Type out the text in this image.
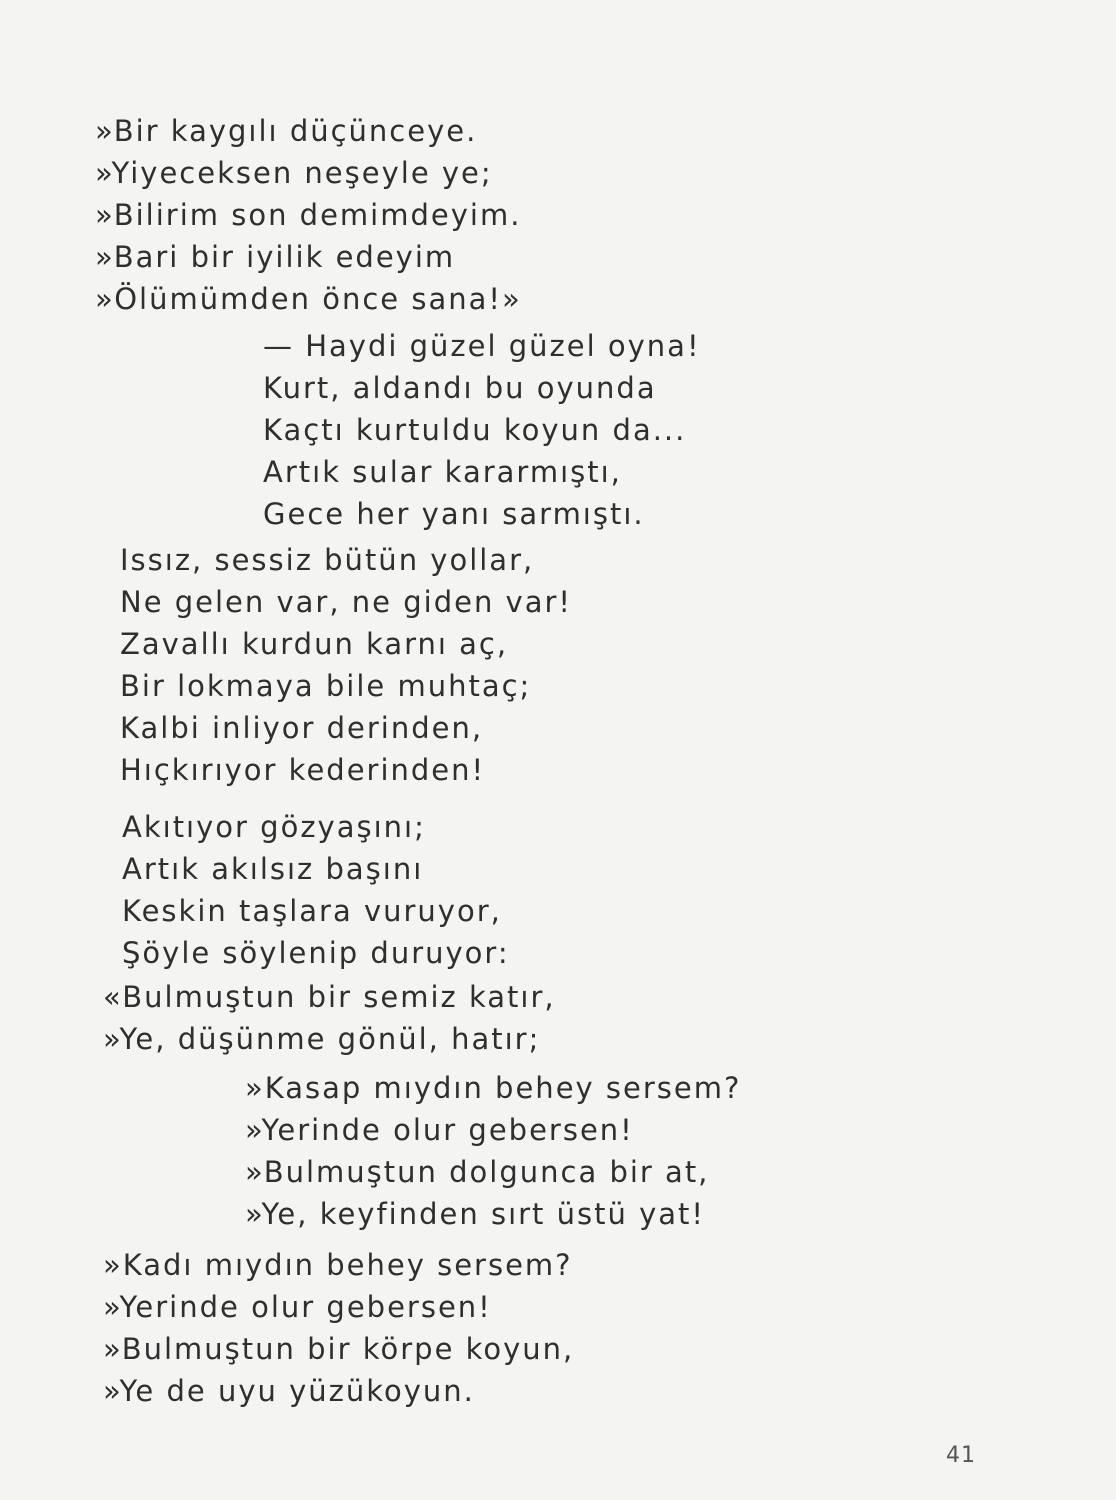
»Bir kaygılı düçünceye.
»Yiyeceksen neşeyle ye;
»Bilirim son demimdeyim.
»Bari bir iyilik edeyim
»Ölümümden önce sana!»
— Haydi güzel güzel oyna!
Kurt, aldandı bu oyunda
Kaçtı kurtuldu koyun da...
Artık sular kararmıştı,
Gece her yanı sarmıştı.
Issız, sessiz bütün yollar,
Ne gelen var, ne giden var!
Zavallı kurdun karnı aç,
Bir lokmaya bile muhtaç;
Kalbi inliyor derinden,
Hıçkırıyor kederinden!
Akıtıyor gözyaşını;
Artık akılsız başını
Keskin taşlara vuruyor,
Şöyle söylenip duruyor:
«Bulmuştun bir semiz katır,
»Ye, düşünme gönül, hatır;
»Kasap mıydın behey sersem?
»Yerinde olur gebersen!
»Bulmuştun dolgunca bir at,
»Ye, keyfinden sırt üstü yat!
»Kadı mıydın behey sersem?
»Yerinde olur gebersen!
»Bulmuştun bir körpe koyun,
»Ye de uyu yüzükoyun.
41
